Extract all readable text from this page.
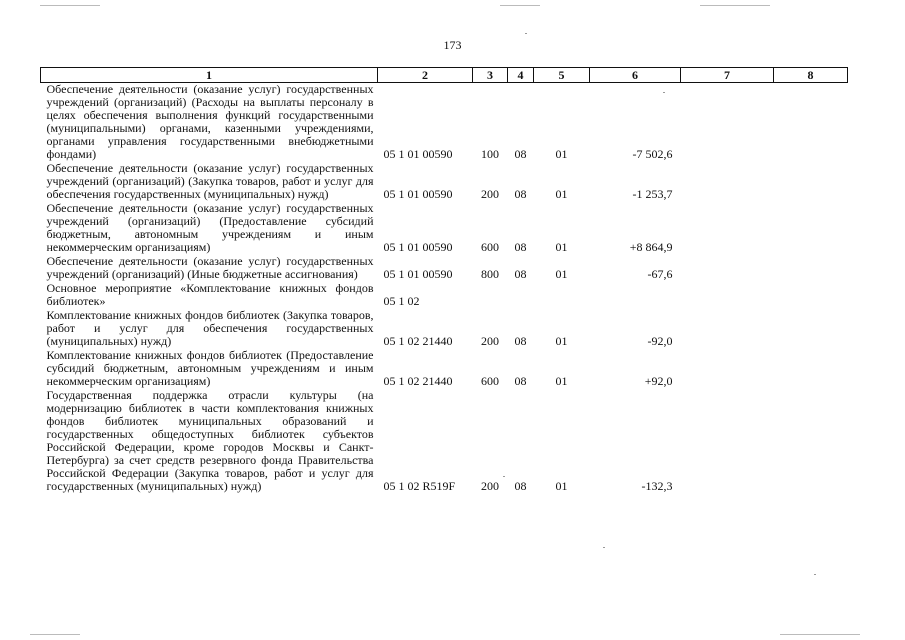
173
1	2	3	4	5	6	7	8
Обеспечение деятельности (оказание услуг) государственных учреждений (организаций) (Расходы на выплаты персоналу в целях обеспечения выполнения функций государственными (муниципальными) органами, казенными учреждениями, органами управления государственными внебюджетными фондами)	05 1 01 00590	100	08	01	-7 502,6		
Обеспечение деятельности (оказание услуг) государственных учреждений (организаций) (Закупка товаров, работ и услуг для обеспечения государственных (муниципальных) нужд)	05 1 01 00590	200	08	01	-1 253,7		
Обеспечение деятельности (оказание услуг) государственных учреждений (организаций) (Предоставление субсидий бюджетным, автономным учреждениям и иным некоммерческим организациям)	05 1 01 00590	600	08	01	+8 864,9		
Обеспечение деятельности (оказание услуг) государственных учреждений (организаций) (Иные бюджетные ассигнования)	05 1 01 00590	800	08	01	-67,6		
Основное мероприятие «Комплектование книжных фондов библиотек»	05 1 02						
Комплектование книжных фондов библиотек (Закупка товаров, работ и услуг для обеспечения государственных (муниципальных) нужд)	05 1 02 21440	200	08	01	-92,0		
Комплектование книжных фондов библиотек (Предоставление субсидий бюджетным, автономным учреждениям и иным некоммерческим организациям)	05 1 02 21440	600	08	01	+92,0		
Государственная поддержка отрасли культуры (на модернизацию библиотек в части комплектования книжных фондов библиотек муниципальных образований и государственных общедоступных библиотек субъектов Российской Федерации, кроме городов Москвы и Санкт-Петербурга) за счет средств резервного фонда Правительства Российской Федерации (Закупка товаров, работ и услуг для государственных (муниципальных) нужд)	05 1 02 R519F	200	08	01	-132,3		
